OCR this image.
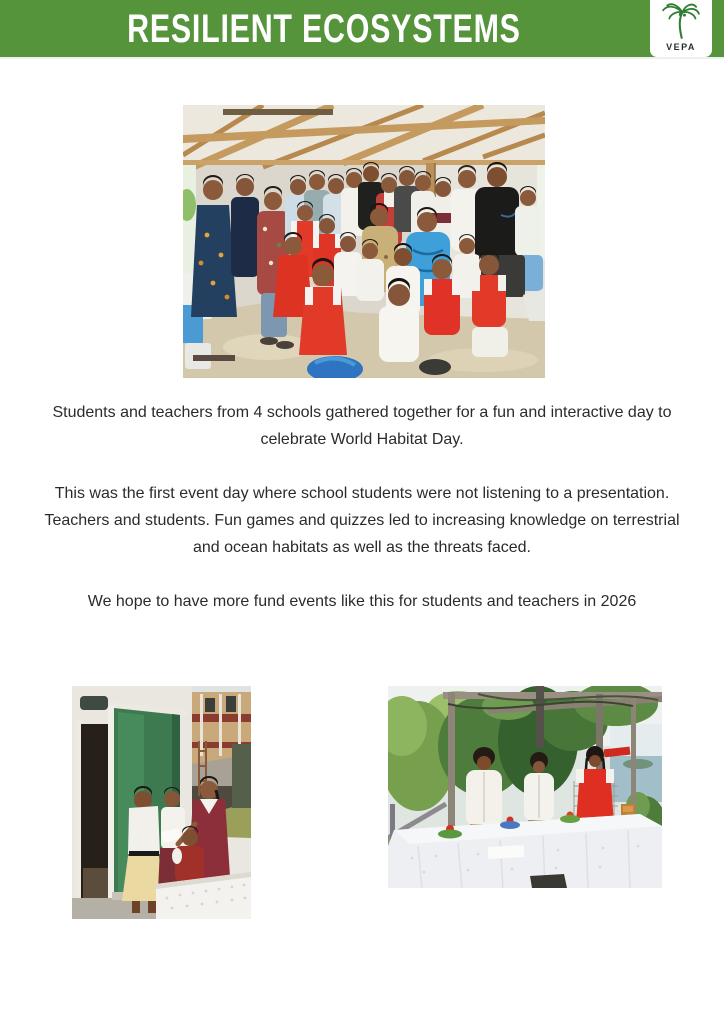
RESILIENT ECOSYSTEMS	VEPA

Students and teachers from 4 schools gathered together for a fun and interactive day to celebrate World Habitat Day.

This was the first event day where school students were not listening to a presentation. Teachers and students. Fun games and quizzes led to increasing knowledge on terrestrial and ocean habitats as well as the threats faced.

We hope to have more fund events like this for students and teachers in 2026
